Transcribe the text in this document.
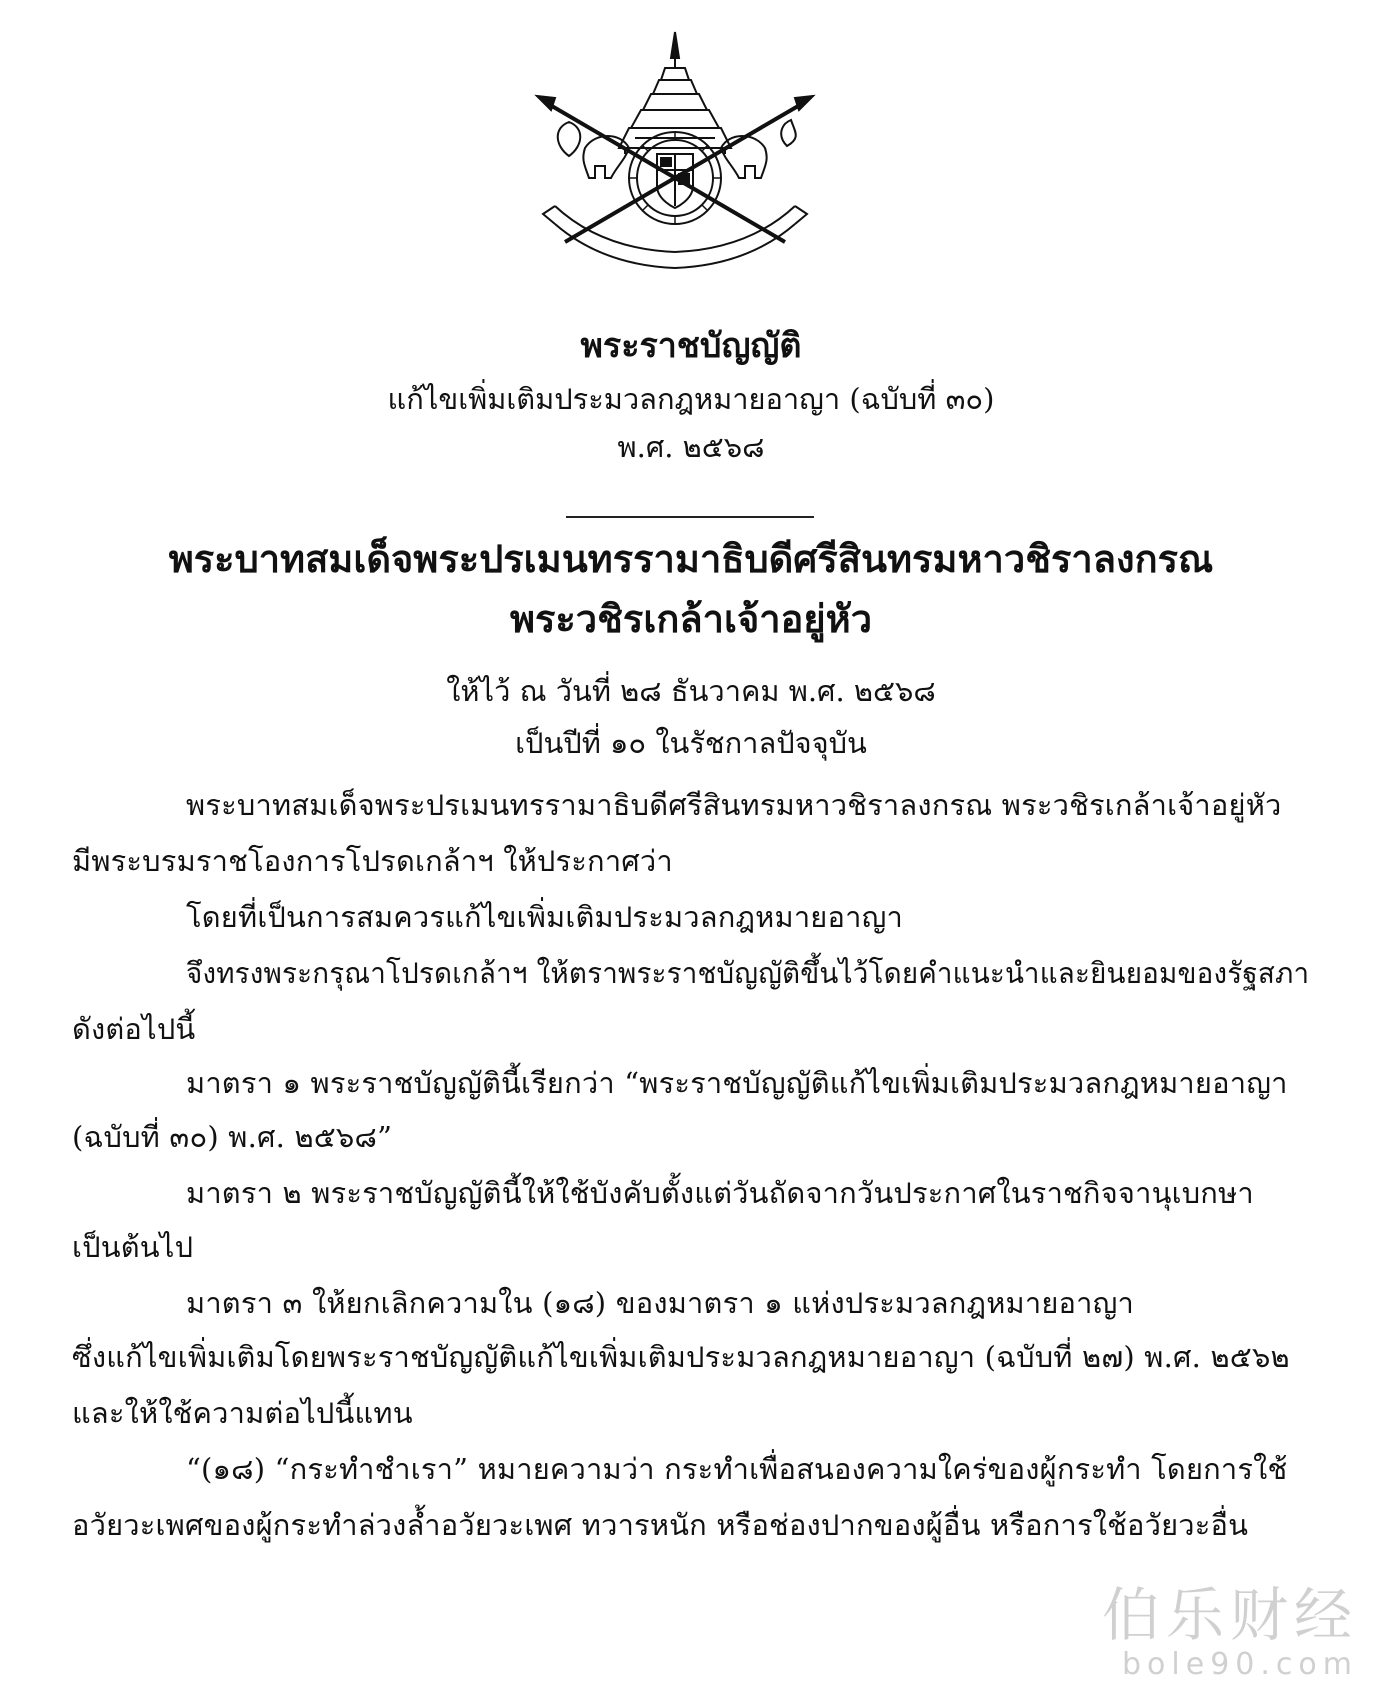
พระราชบัญญัติ
แก้ไขเพิ่มเติมประมวลกฎหมายอาญา (ฉบับที่ ๓๐)
พ.ศ. ๒๕๖๘
พระบาทสมเด็จพระปรเมนทรรามาธิบดีศรีสินทรมหาวชิราลงกรณ
พระวชิรเกล้าเจ้าอยู่หัว
ให้ไว้ ณ วันที่ ๒๘ ธันวาคม พ.ศ. ๒๕๖๘
เป็นปีที่ ๑๐ ในรัชกาลปัจจุบัน
พระบาทสมเด็จพระปรเมนทรรามาธิบดีศรีสินทรมหาวชิราลงกรณ พระวชิรเกล้าเจ้าอยู่หัว
มีพระบรมราชโองการโปรดเกล้าฯ ให้ประกาศว่า
โดยที่เป็นการสมควรแก้ไขเพิ่มเติมประมวลกฎหมายอาญา
จึงทรงพระกรุณาโปรดเกล้าฯ ให้ตราพระราชบัญญัติขึ้นไว้โดยคำแนะนำและยินยอมของรัฐสภา
ดังต่อไปนี้
มาตรา ๑ พระราชบัญญัตินี้เรียกว่า “พระราชบัญญัติแก้ไขเพิ่มเติมประมวลกฎหมายอาญา
(ฉบับที่ ๓๐) พ.ศ. ๒๕๖๘”
มาตรา ๒ พระราชบัญญัตินี้ให้ใช้บังคับตั้งแต่วันถัดจากวันประกาศในราชกิจจานุเบกษา
เป็นต้นไป
มาตรา ๓ ให้ยกเลิกความใน (๑๘) ของมาตรา ๑ แห่งประมวลกฎหมายอาญา
ซึ่งแก้ไขเพิ่มเติมโดยพระราชบัญญัติแก้ไขเพิ่มเติมประมวลกฎหมายอาญา (ฉบับที่ ๒๗) พ.ศ. ๒๕๖๒
และให้ใช้ความต่อไปนี้แทน
“(๑๘) “กระทำชำเรา” หมายความว่า กระทำเพื่อสนองความใคร่ของผู้กระทำ โดยการใช้
อวัยวะเพศของผู้กระทำล่วงล้ำอวัยวะเพศ ทวารหนัก หรือช่องปากของผู้อื่น หรือการใช้อวัยวะอื่น
伯乐财经
bole90.com
